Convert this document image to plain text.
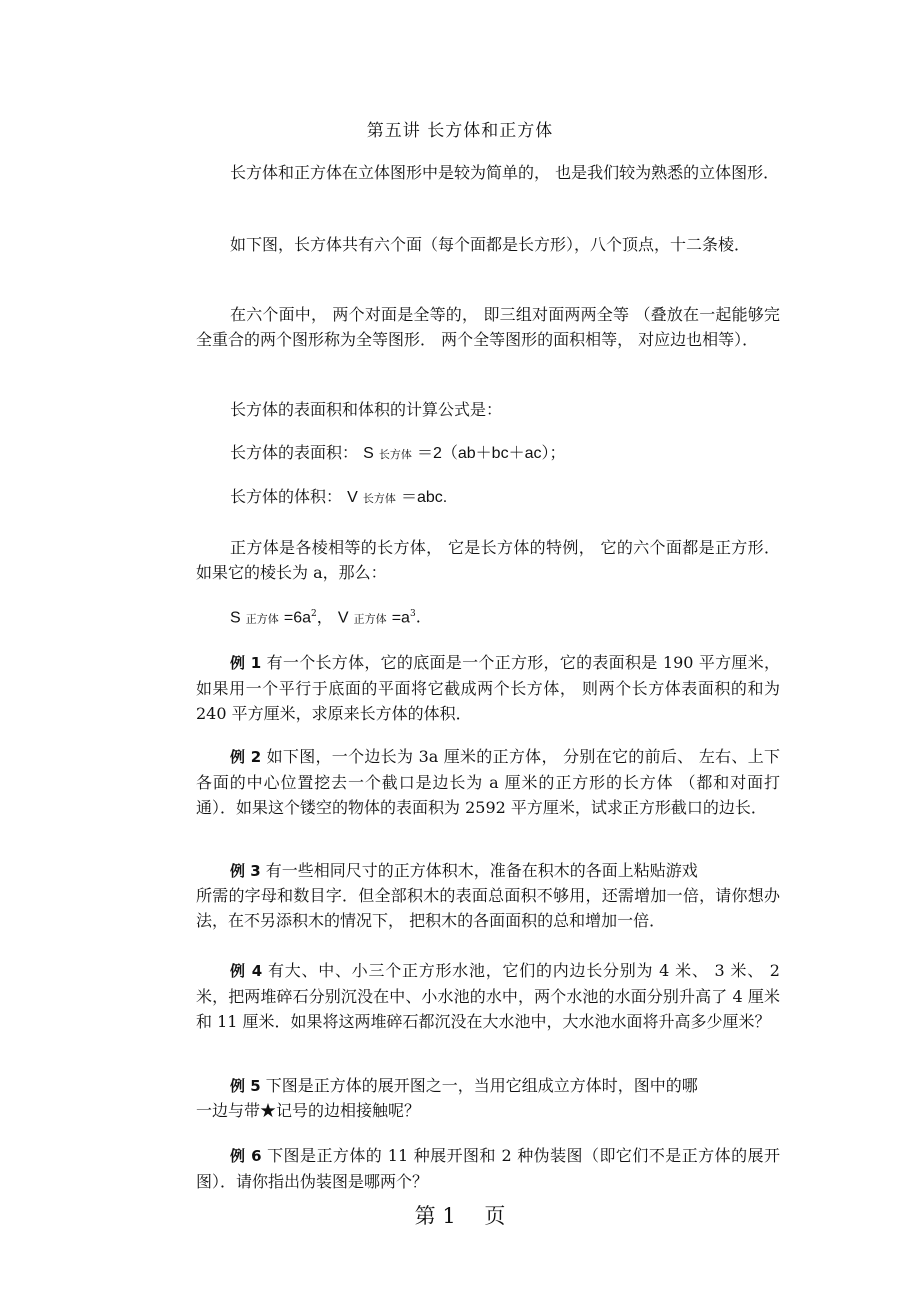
第五讲 长方体和正方体

长方体和正方体在立体图形中是较为简单的， 也是我们较为熟悉的立体图形．

如下图，长方体共有六个面（每个面都是长方形），八个顶点，十二条棱．

在六个面中， 两个对面是全等的， 即三组对面两两全等 （叠放在一起能够完全重合的两个图形称为全等图形． 两个全等图形的面积相等， 对应边也相等）．

长方体的表面积和体积的计算公式是：

长方体的表面积： S 长方体 ＝2（ab＋bc＋ac）；

长方体的体积： V 长方体 ＝abc.

正方体是各棱相等的长方体， 它是长方体的特例， 它的六个面都是正方形．如果它的棱长为 a，那么：

S 正方体 $=6a^2$， V 正方体 $=a^3$.

例 1 有一个长方体，它的底面是一个正方形，它的表面积是 190 平方厘米，如果用一个平行于底面的平面将它截成两个长方体， 则两个长方体表面积的和为 240 平方厘米，求原来长方体的体积．

例 2 如下图，一个边长为 3a 厘米的正方体， 分别在它的前后、 左右、上下各面的中心位置挖去一个截口是边长为 a 厘米的正方形的长方体 （都和对面打通）．如果这个镂空的物体的表面积为 2592 平方厘米，试求正方形截口的边长．

例 3 有一些相同尺寸的正方体积木，准备在积木的各面上粘贴游戏

所需的字母和数目字．但全部积木的表面总面积不够用，还需增加一倍，请你想办法，在不另添积木的情况下， 把积木的各面面积的总和增加一倍．

例 4 有大、中、小三个正方形水池，它们的内边长分别为 4 米、 3 米、 2 米，把两堆碎石分别沉没在中、小水池的水中，两个水池的水面分别升高了 4 厘米和 11 厘米．如果将这两堆碎石都沉没在大水池中，大水池水面将升高多少厘米？

例 5 下图是正方体的展开图之一，当用它组成立方体时，图中的哪

一边与带★记号的边相接触呢？

例 6 下图是正方体的 11 种展开图和 2 种伪装图（即它们不是正方体的展开图）．请你指出伪装图是哪两个？

第 1 页
